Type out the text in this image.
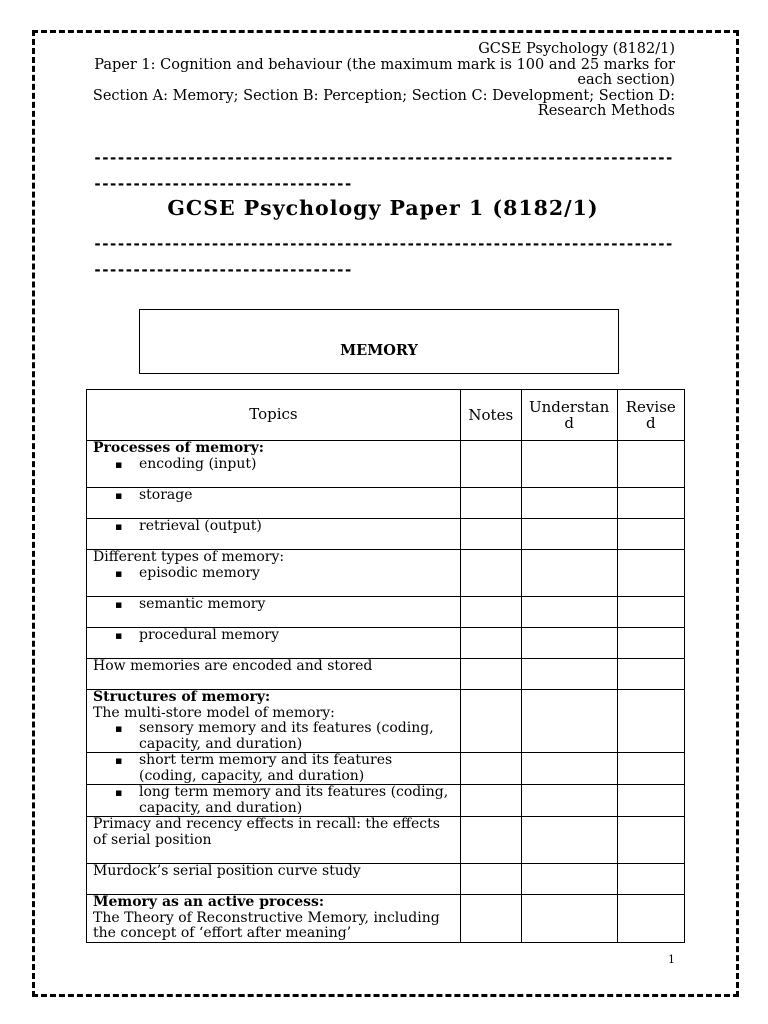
GCSE Psychology (8182/1)
Paper 1: Cognition and behaviour (the maximum mark is 100 and 25 marks for each section)
Section A: Memory; Section B: Perception; Section C: Development; Section D: Research Methods
-----------------------------------------------------------------------------------------------------------
GCSE Psychology Paper 1 (8182/1)
-----------------------------------------------------------------------------------------------------------
MEMORY
Topics	Notes	Understand	Revised

Processes of memory:
▪ encoding (input)			

▪ storage			

▪ retrieval (output)			

Different types of memory:
▪ episodic memory			

▪ semantic memory			

▪ procedural memory			

How memories are encoded and stored			

Structures of memory:
The multi-store model of memory:
▪ sensory memory and its features (coding, capacity, and duration)			

▪ short term memory and its features (coding, capacity, and duration)			

▪ long term memory and its features (coding, capacity, and duration)			

Primacy and recency effects in recall: the effects of serial position			

Murdock’s serial position curve study			

Memory as an active process:
The Theory of Reconstructive Memory, including the concept of ‘effort after meaning’			

1
